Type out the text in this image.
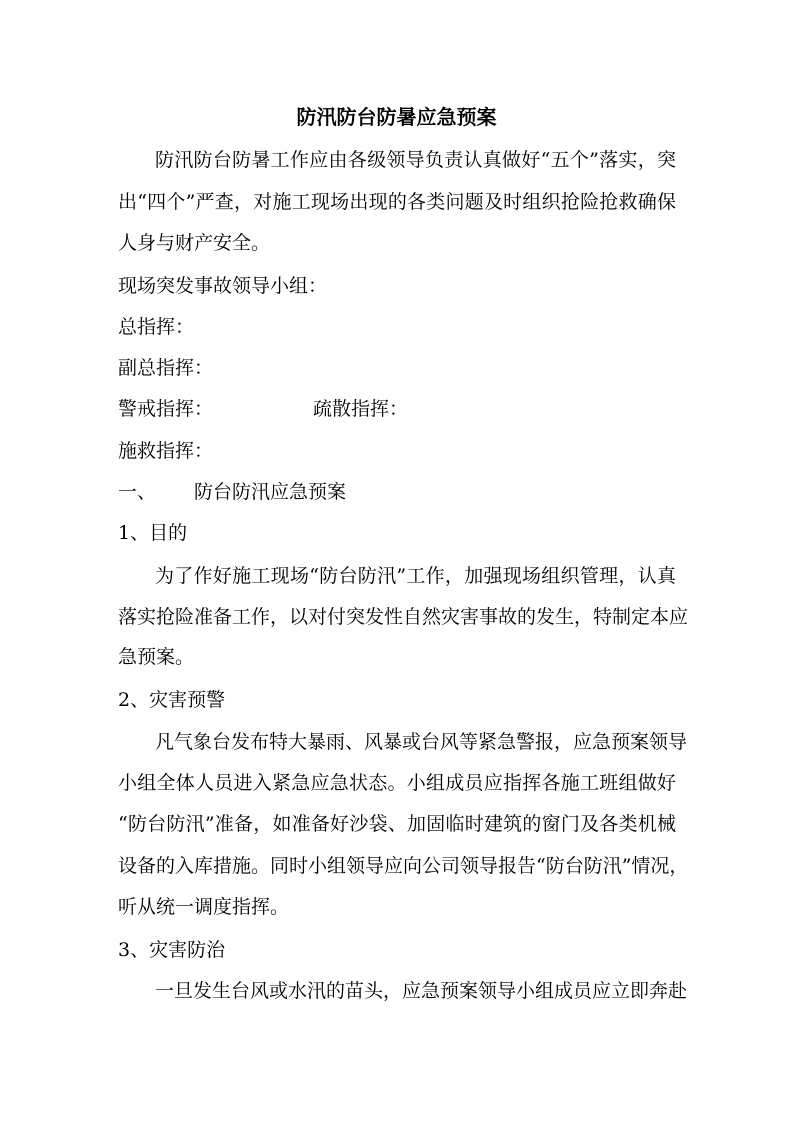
防汛防台防暑应急预案
防汛防台防暑工作应由各级领导负责认真做好“五个”落实，突
出“四个”严查，对施工现场出现的各类问题及时组织抢险抢救确保
人身与财产安全。
现场突发事故领导小组：
总指挥：
副总指挥：
警戒指挥：	疏散指挥：
施救指挥：
一、 防台防汛应急预案
1、目的
为了作好施工现场“防台防汛”工作，加强现场组织管理，认真
落实抢险准备工作，以对付突发性自然灾害事故的发生，特制定本应
急预案。
2、灾害预警
凡气象台发布特大暴雨、风暴或台风等紧急警报，应急预案领导
小组全体人员进入紧急应急状态。小组成员应指挥各施工班组做好
“防台防汛”准备，如准备好沙袋、加固临时建筑的窗门及各类机械
设备的入库措施。同时小组领导应向公司领导报告“防台防汛”情况，
听从统一调度指挥。
3、灾害防治
一旦发生台风或水汛的苗头，应急预案领导小组成员应立即奔赴
